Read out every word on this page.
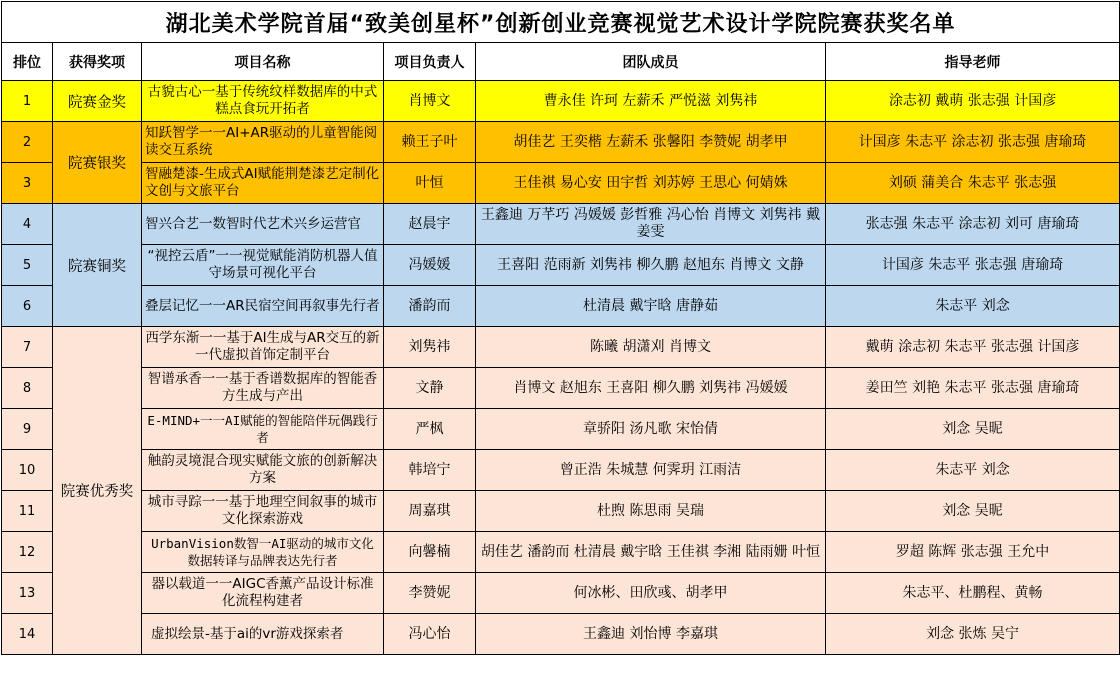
湖北美术学院首届“致美创星杯”创新创业竞赛视觉艺术设计学院院赛获奖名单					
排位	获得奖项	项目名称	项目负责人	团队成员	指导老师
1	院赛金奖	古貌古心一基于传统纹样数据库的中式糕点食玩开拓者	肖博文	曹永佳 许珂 左薪禾 严悦滋 刘隽祎	涂志初 戴萌 张志强 计国彦
2	院赛银奖	知跃智学一一AI+AR驱动的儿童智能阅读交互系统	赖王子叶	胡佳艺 王奕楷 左薪禾 张馨阳 李赞妮 胡孝甲	计国彦 朱志平 涂志初 张志强 唐瑜琦
3		智融楚漆-生成式AI赋能荆楚漆艺定制化文创与文旅平台	叶恒	王佳祺 易心安 田宇哲 刘苏婷 王思心 何婧姝	刘硕 蒲美合 朱志平 张志强
4	院赛铜奖	智兴合艺一数智时代艺术兴乡运营官	赵晨宇	王鑫迪 万芊巧 冯媛媛 彭哲雅 冯心怡 肖博文 刘隽祎 戴姜雯	张志强 朱志平 涂志初 刘可 唐瑜琦
5		“视控云盾”一一视觉赋能消防机器人值守场景可视化平台	冯媛媛	王喜阳 范雨新 刘隽祎 柳久鹏 赵旭东 肖博文 文静	计国彦 朱志平 张志强 唐瑜琦
6		叠层记忆一一AR民宿空间再叙事先行者	潘韵而	杜清晨 戴宇晗 唐静茹	朱志平 刘念
7	院赛优秀奖	西学东渐一一基于AI生成与AR交互的新一代虚拟首饰定制平台	刘隽祎	陈曦 胡潇刈 肖博文	戴萌 涂志初 朱志平 张志强 计国彦
8		智谱承香一一基于香谱数据库的智能香方生成与产出	文静	肖博文 赵旭东 王喜阳 柳久鹏 刘隽祎 冯媛媛	姜田竺 刘艳 朱志平 张志强 唐瑜琦
9		E-MIND+一一AI赋能的智能陪伴玩偶践行者	严枫	章骄阳 汤凡歌 宋怡倩	刘念 吴昵
10		触韵灵境混合现实赋能文旅的创新解决方案	韩培宁	曾正浩 朱城慧 何霁玥 江雨洁	朱志平 刘念
11		城市寻踪一一基于地理空间叙事的城市文化探索游戏	周嘉琪	杜煦 陈思雨 吴瑞	刘念 吴昵
12		UrbanVision数智一AI驱动的城市文化数据转译与品牌表达先行者	向馨楠	胡佳艺 潘韵而 杜清晨 戴宇晗 王佳祺 李湘 陆雨姗 叶恒	罗超 陈辉 张志强 王允中
13		器以载道一一AIGC香薰产品设计标准化流程构建者	李赞妮	何冰彬、田欣彧、胡孝甲	朱志平、杜鹏程、黄畅
14		虚拟绘景-基于ai的vr游戏探索者	冯心怡	王鑫迪 刘怡博 李嘉琪	刘念 张炼 吴宁
